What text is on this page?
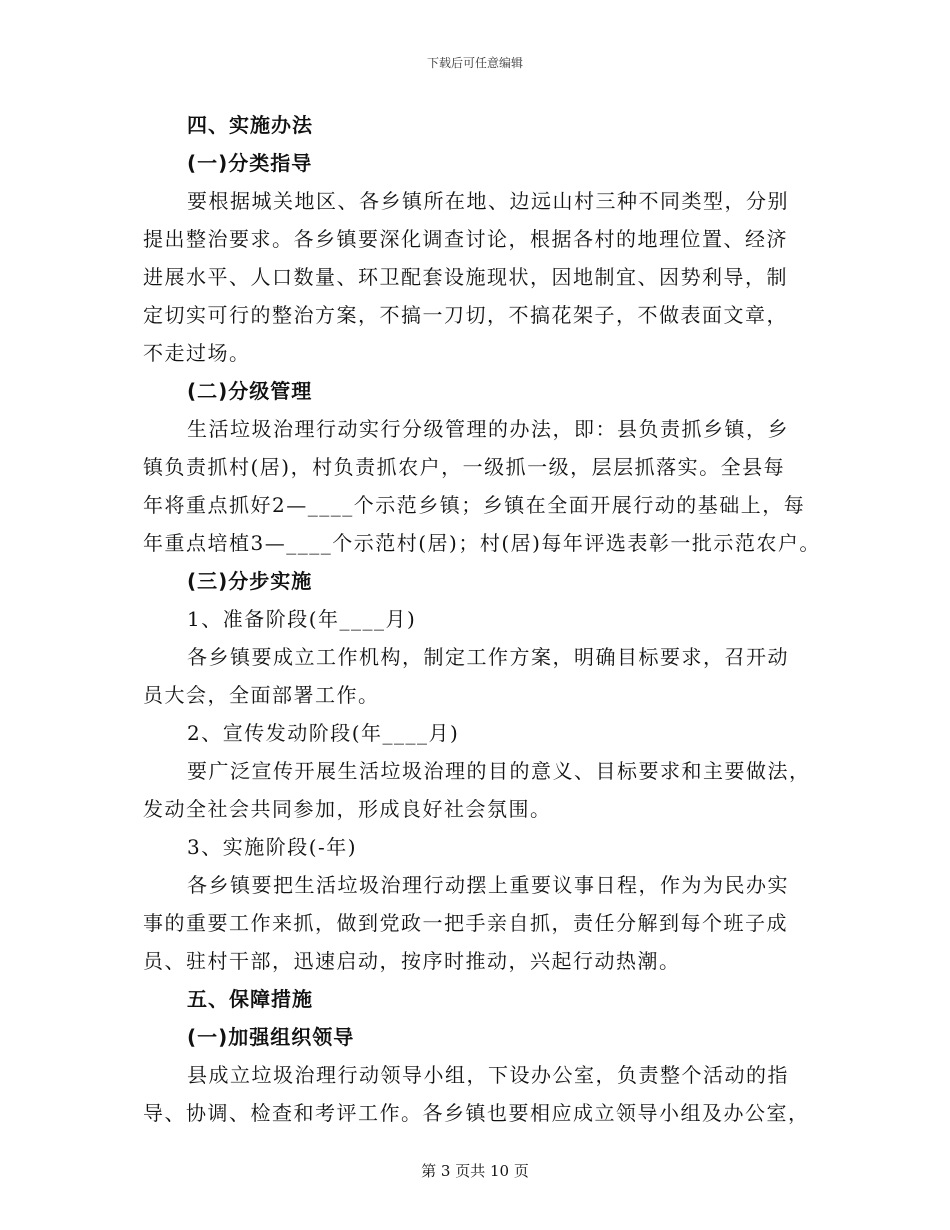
下载后可任意编辑
四、实施办法
(一)分类指导
要根据城关地区、各乡镇所在地、边远山村三种不同类型，分别
提出整治要求。各乡镇要深化调查讨论，根据各村的地理位置、经济
进展水平、人口数量、环卫配套设施现状，因地制宜、因势利导，制
定切实可行的整治方案，不搞一刀切，不搞花架子，不做表面文章，
不走过场。
(二)分级管理
生活垃圾治理行动实行分级管理的办法，即：县负责抓乡镇，乡
镇负责抓村(居)，村负责抓农户，一级抓一级，层层抓落实。全县每
年将重点抓好2—____个示范乡镇；乡镇在全面开展行动的基础上，每
年重点培植3—____个示范村(居)；村(居)每年评选表彰一批示范农户。
(三)分步实施
1、准备阶段(年____月)
各乡镇要成立工作机构，制定工作方案，明确目标要求，召开动
员大会，全面部署工作。
2、宣传发动阶段(年____月)
要广泛宣传开展生活垃圾治理的目的意义、目标要求和主要做法，
发动全社会共同参加，形成良好社会氛围。
3、实施阶段(-年)
各乡镇要把生活垃圾治理行动摆上重要议事日程，作为为民办实
事的重要工作来抓，做到党政一把手亲自抓，责任分解到每个班子成
员、驻村干部，迅速启动，按序时推动，兴起行动热潮。
五、保障措施
(一)加强组织领导
县成立垃圾治理行动领导小组，下设办公室，负责整个活动的指
导、协调、检查和考评工作。各乡镇也要相应成立领导小组及办公室，
第 3 页共 10 页
